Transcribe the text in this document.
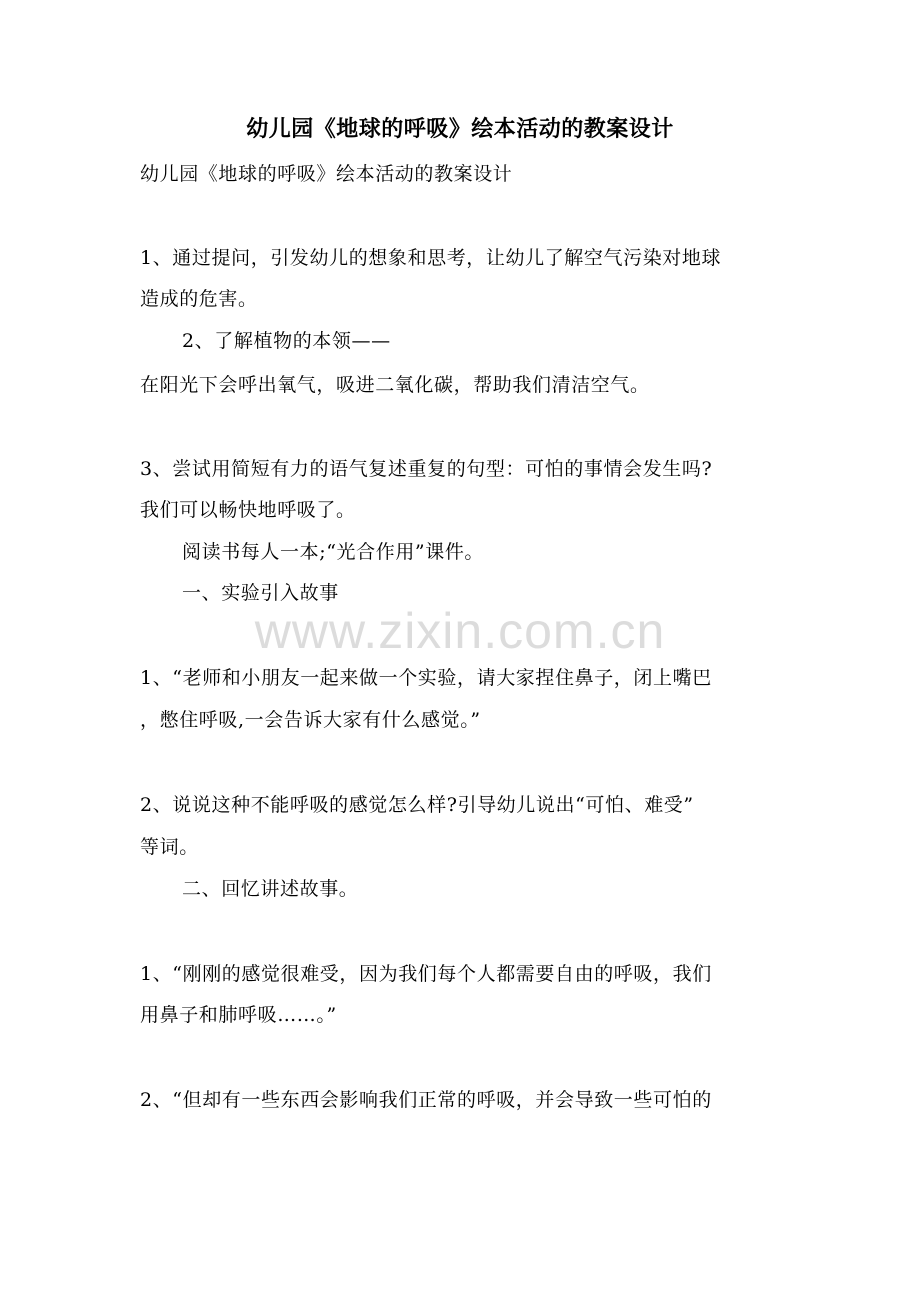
www.zixin.com.cn
幼儿园《地球的呼吸》绘本活动的教案设计
幼儿园《地球的呼吸》绘本活动的教案设计
1、通过提问，引发幼儿的想象和思考，让幼儿了解空气污染对地球
造成的危害。
2、了解植物的本领——
在阳光下会呼出氧气，吸进二氧化碳，帮助我们清洁空气。
3、尝试用简短有力的语气复述重复的句型：可怕的事情会发生吗?
我们可以畅快地呼吸了。
阅读书每人一本;“光合作用”课件。
一、实验引入故事
1、“老师和小朋友一起来做一个实验，请大家捏住鼻子，闭上嘴巴
，憋住呼吸,一会告诉大家有什么感觉。”
2、说说这种不能呼吸的感觉怎么样?引导幼儿说出“可怕、难受”
等词。
二、回忆讲述故事。
1、“刚刚的感觉很难受，因为我们每个人都需要自由的呼吸，我们
用鼻子和肺呼吸……。”
2、“但却有一些东西会影响我们正常的呼吸，并会导致一些可怕的
